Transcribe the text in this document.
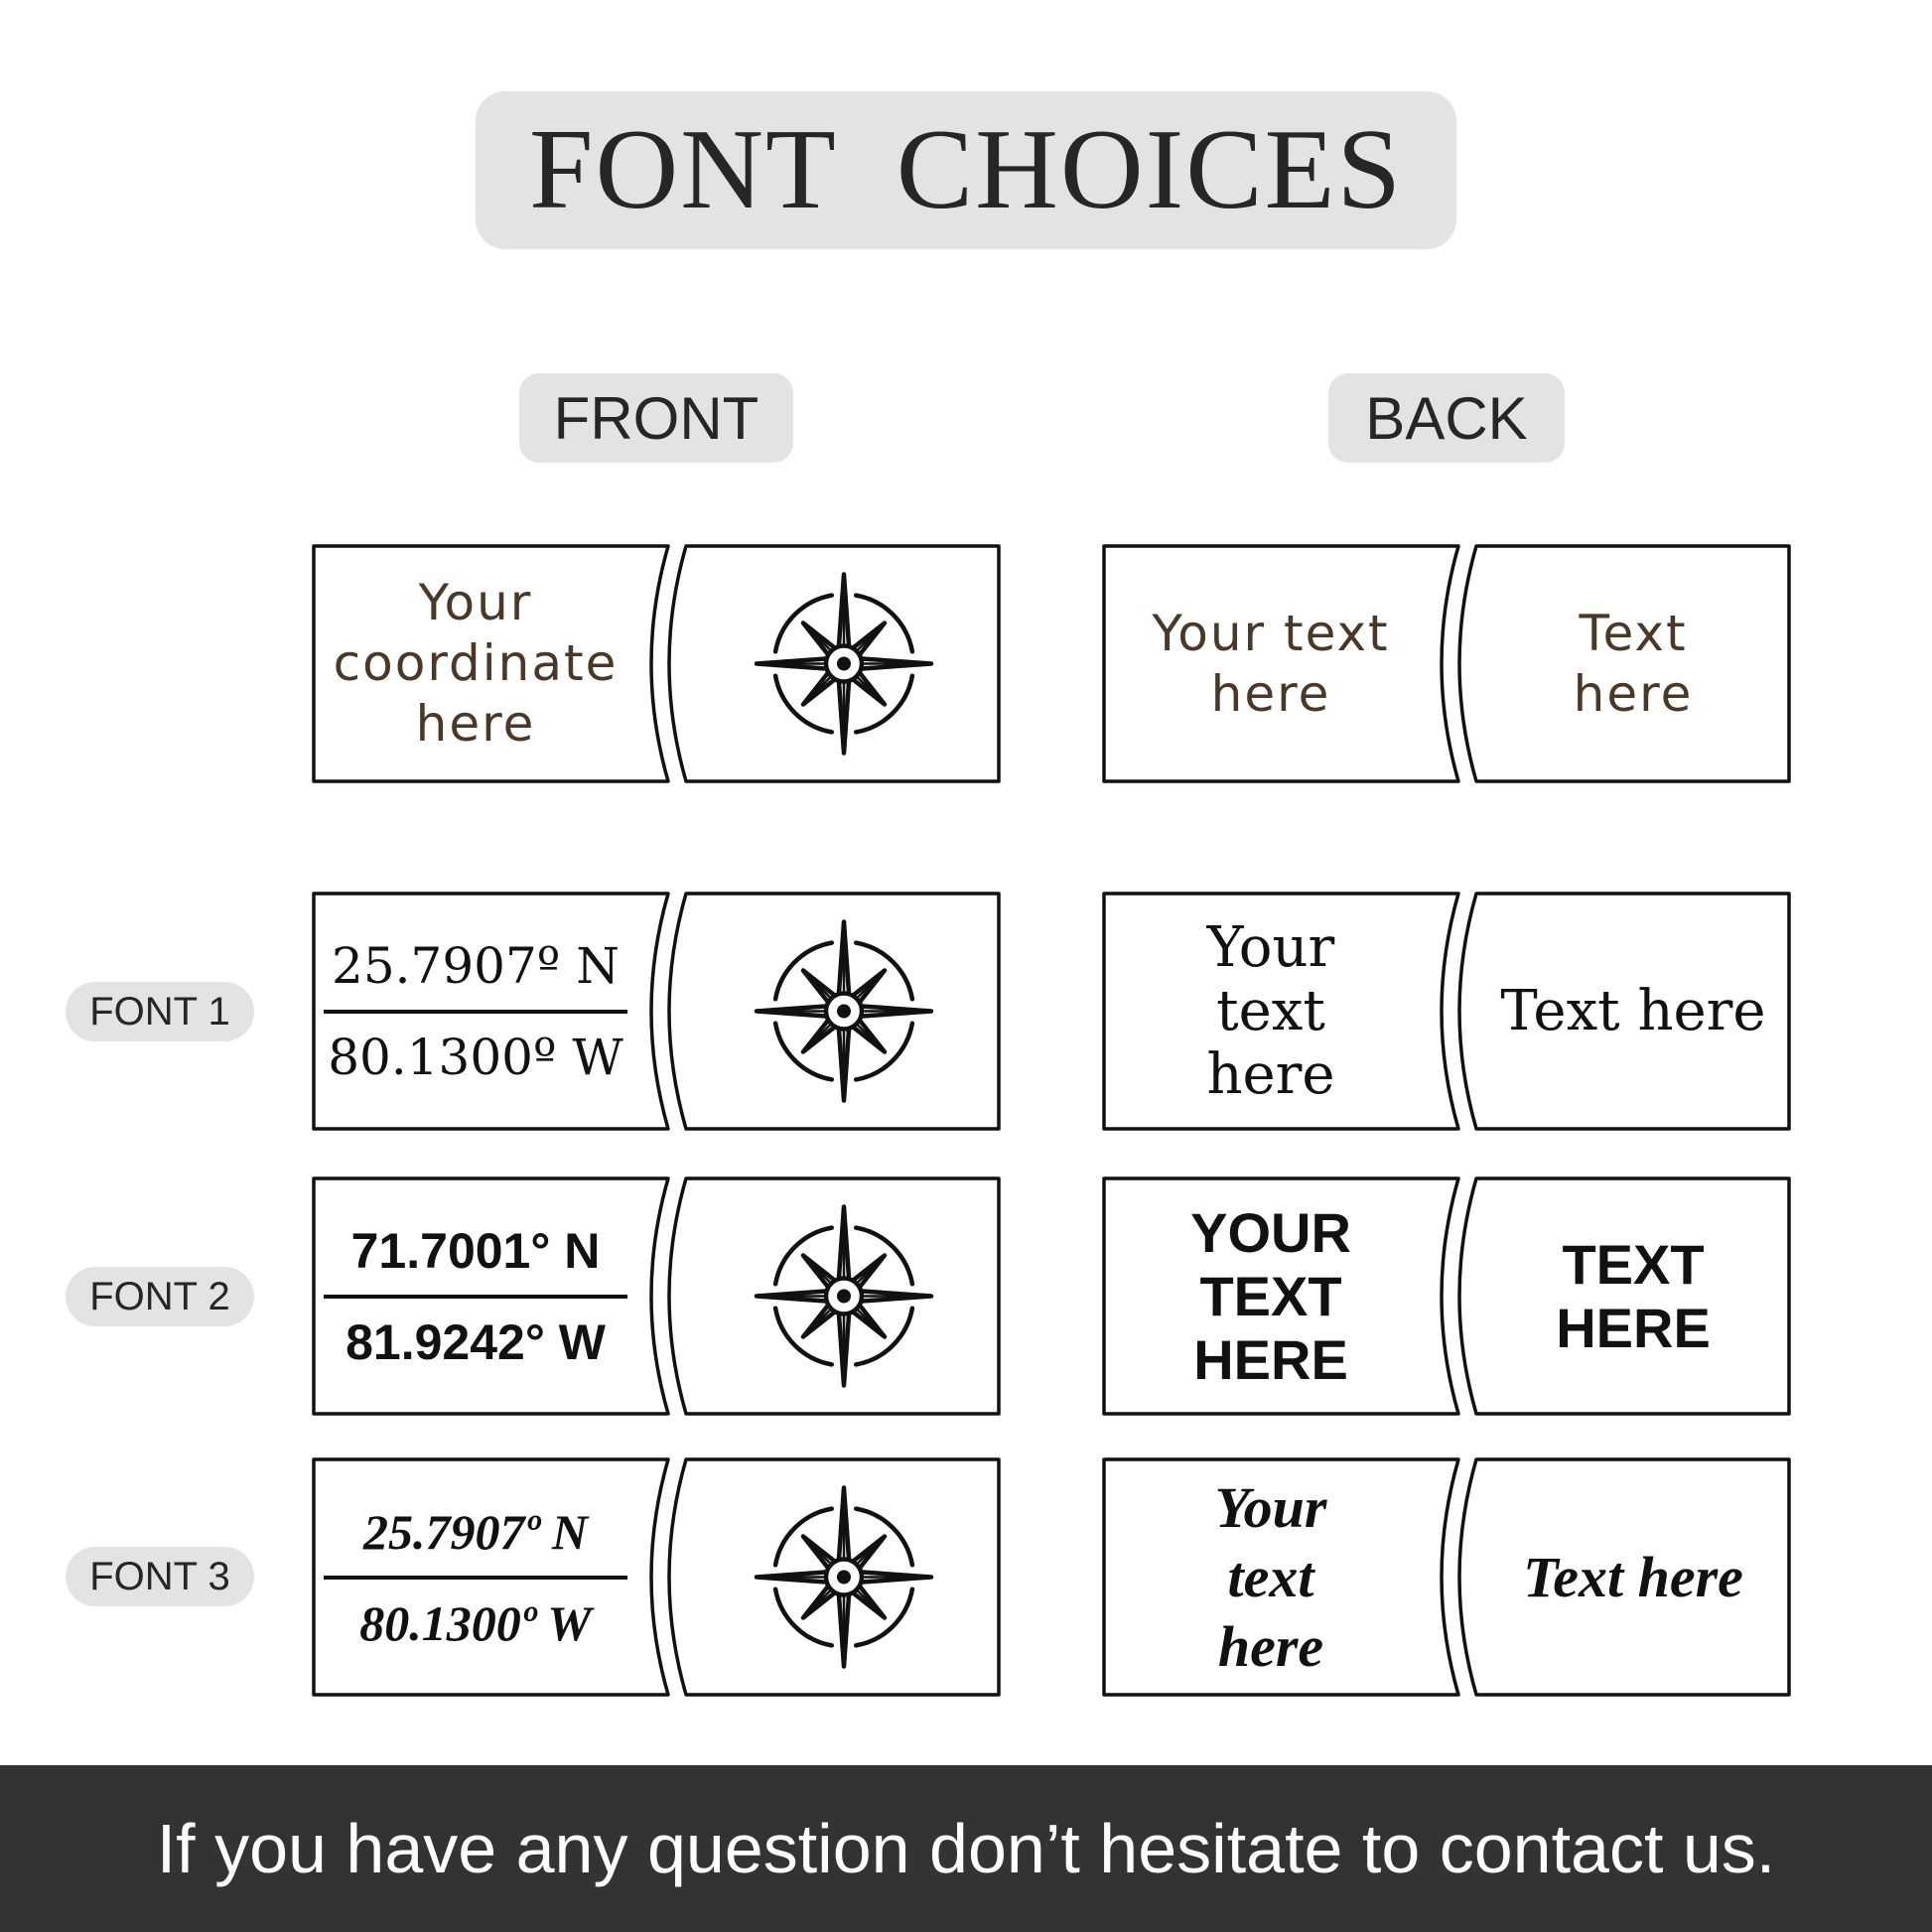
FONT CHOICES
FRONT	BACK
FONT 1
FONT 2
FONT 3
Your
coordinate
here
Your text
here
Text
here
25.7907º N
80.1300º W
Your
text
here
Text here
71.7001° N
81.9242° W
YOUR
TEXT
HERE
TEXT HERE
25.7907º N
80.1300º W
Your
text
here
Text here
If you have any question don’t hesitate to contact us.
